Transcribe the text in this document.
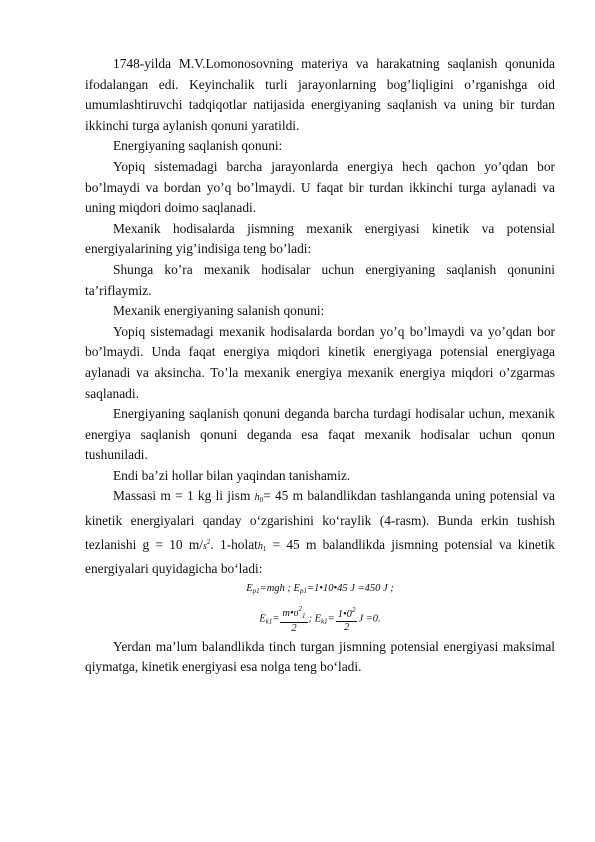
1748-yilda M.V.Lomonosovning materiya va harakatning saqlanish qonunida ifodalangan edi. Keyinchalik turli jarayonlarning bog’liqligini o’rganishga oid umumlashtiruvchi tadqiqotlar natijasida energiyaning saqlanish va uning bir turdan ikkinchi turga aylanish qonuni yaratildi.

Energiyaning saqlanish qonuni:

Yopiq sistemadagi barcha jarayonlarda energiya hech qachon yo’qdan bor bo’lmaydi va bordan yo’q bo’lmaydi. U faqat bir turdan ikkinchi turga aylanadi va uning miqdori doimo saqlanadi.

Mexanik hodisalarda jismning mexanik energiyasi kinetik va potensial energiyalarining yig’indisiga teng bo’ladi:

Shunga ko’ra mexanik hodisalar uchun energiyaning saqlanish qonunini ta’riflaymiz.

Mexanik energiyaning salanish qonuni:

Yopiq sistemadagi mexanik hodisalarda bordan yo’q bo’lmaydi va yo’qdan bor bo’lmaydi. Unda faqat energiya miqdori kinetik energiyaga potensial energiyaga aylanadi va aksincha. To’la mexanik energiya mexanik energiya miqdori o’zgarmas saqlanadi.

Energiyaning saqlanish qonuni deganda barcha turdagi hodisalar uchun, mexanik energiya saqlanish qonuni deganda esa faqat mexanik hodisalar uchun qonun tushuniladi.

Endi ba’zi hollar bilan yaqindan tanishamiz.

Massasi m = 1 kg li jism $h_0= 45$ m balandlikdan tashlanganda uning potensial va kinetik energiyalari qanday o‘zgarishini ko‘raylik (4-rasm). Bunda erkin tushish tezlanishi g = 10 $m/s^2$. 1-holath$_1$ = 45 m balandlikda jismning potensial va kinetik energiyalari quyidagicha bo‘ladi:

$E_{p1}=mgh$ ; $E_{p1}=1•10•45$ J =450 J ;
$E_{k1}= \frac{m•\upsilon^2_1}{2}$ ; $E_{k1}= \frac{1•0^2}{2}$ J =0.

Yerdan ma’lum balandlikda tinch turgan jismning potensial energiyasi maksimal qiymatga, kinetik energiyasi esa nolga teng bo‘ladi.
